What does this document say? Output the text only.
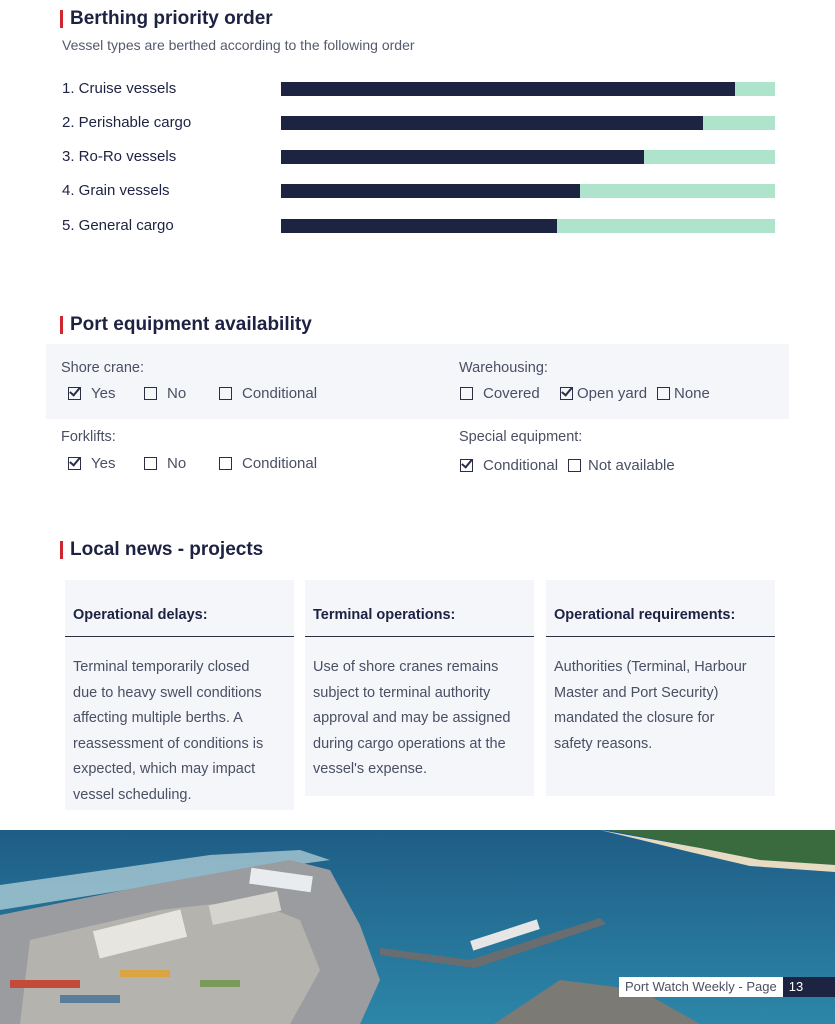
Berthing priority order
Vessel types are berthed according to the following order
1. Cruise vessels
2. Perishable cargo
3. Ro-Ro vessels
4. Grain vessels
5. General cargo
Port equipment availability
Shore crane:
Yes	No	Conditional
Warehousing:
Covered Open yard None
Forklifts:
Yes	No	Conditional
Special equipment:
Conditional Not available
Local news - projects
Operational delays:
Terminal temporarily closed
due to heavy swell conditions
affecting multiple berths. A
reassessment of conditions is
expected, which may impact
vessel scheduling.
Terminal operations:
Use of shore cranes remains
subject to terminal authority
approval and may be assigned
during cargo operations at the
vessel's expense.
Operational requirements:
Authorities (Terminal, Harbour
Master and Port Security)
mandated the closure for
safety reasons.
Port Watch Weekly - Page 13
